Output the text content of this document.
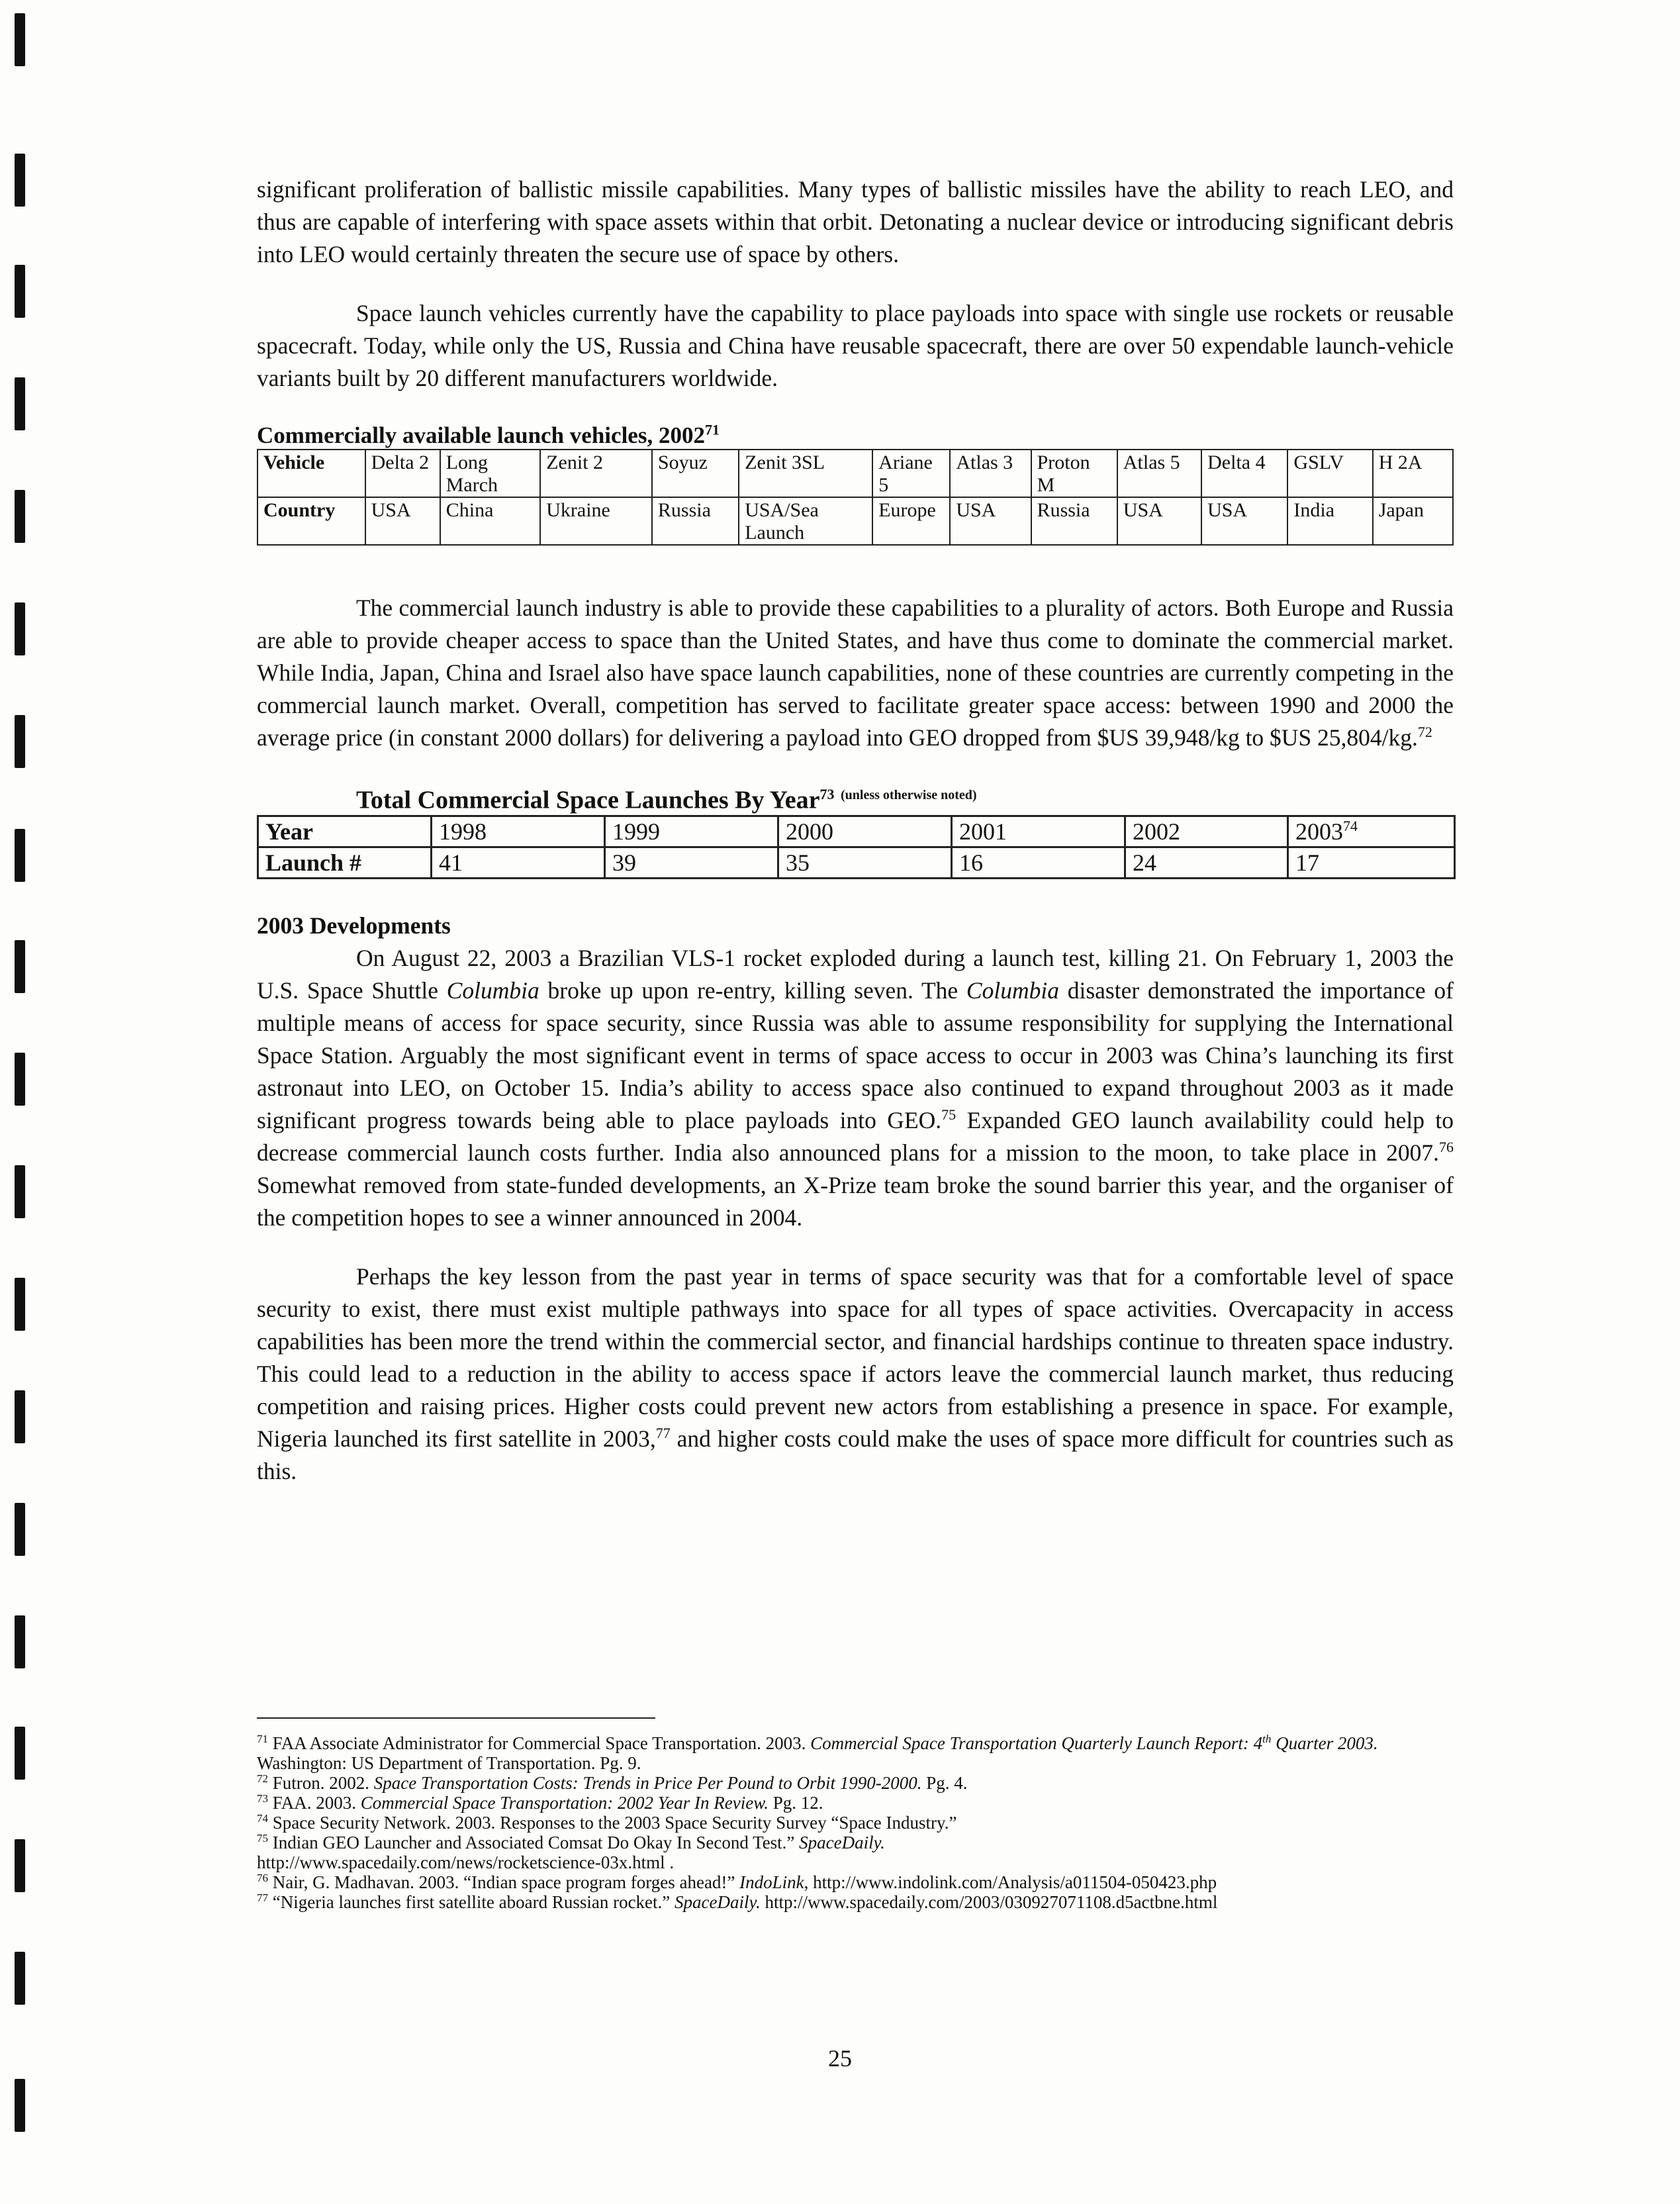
significant proliferation of ballistic missile capabilities. Many types of ballistic missiles have the ability to reach LEO, and thus are capable of interfering with space assets within that orbit. Detonating a nuclear device or introducing significant debris into LEO would certainly threaten the secure use of space by others.

Space launch vehicles currently have the capability to place payloads into space with single use rockets or reusable spacecraft. Today, while only the US, Russia and China have reusable spacecraft, there are over 50 expendable launch-vehicle variants built by 20 different manufacturers worldwide.

Commercially available launch vehicles, 2002$^{71}$

Vehicle	Delta 2	Long March	Zenit 2	Soyuz	Zenit 3SL	Ariane 5	Atlas 3	Proton M	Atlas 5	Delta 4	GSLV	H 2A
Country	USA	China	Ukraine	Russia	USA/Sea Launch	Europe	USA	Russia	USA	USA	India	Japan

The commercial launch industry is able to provide these capabilities to a plurality of actors. Both Europe and Russia are able to provide cheaper access to space than the United States, and have thus come to dominate the commercial market. While India, Japan, China and Israel also have space launch capabilities, none of these countries are currently competing in the commercial launch market. Overall, competition has served to facilitate greater space access: between 1990 and 2000 the average price (in constant 2000 dollars) for delivering a payload into GEO dropped from $US 39,948/kg to $US 25,804/kg.$^{72}$

Total Commercial Space Launches By Year$^{73}$ $^{(unless otherwise noted)}$

Year	1998	1999	2000	2001	2002	2003$^{74}$
Launch #	41	39	35	16	24	17
2003 Developments

On August 22, 2003 a Brazilian VLS-1 rocket exploded during a launch test, killing 21. On February 1, 2003 the U.S. Space Shuttle Columbia broke up upon re-entry, killing seven. The Columbia disaster demonstrated the importance of multiple means of access for space security, since Russia was able to assume responsibility for supplying the International Space Station. Arguably the most significant event in terms of space access to occur in 2003 was China’s launching its first astronaut into LEO, on October 15. India’s ability to access space also continued to expand throughout 2003 as it made significant progress towards being able to place payloads into GEO.$^{75}$ Expanded GEO launch availability could help to decrease commercial launch costs further. India also announced plans for a mission to the moon, to take place in 2007.76 Somewhat removed from state-funded developments, an X-Prize team broke the sound barrier this year, and the organiser of the competition hopes to see a winner announced in 2004.

Perhaps the key lesson from the past year in terms of space security was that for a comfortable level of space security to exist, there must exist multiple pathways into space for all types of space activities. Overcapacity in access capabilities has been more the trend within the commercial sector, and financial hardships continue to threaten space industry. This could lead to a reduction in the ability to access space if actors leave the commercial launch market, thus reducing competition and raising prices. Higher costs could prevent new actors from establishing a presence in space. For example, Nigeria launched its first satellite in 2003,77 and higher costs could make the uses of space more difficult for countries such as this.

$^{71}$ FAA Associate Administrator for Commercial Space Transportation. 2003. Commercial Space Transportation Quarterly Launch Report: 4th Quarter 2003. Washington: US Department of Transportation. Pg. 9.
$^{72}$ Futron. 2002. Space Transportation Costs: Trends in Price Per Pound to Orbit 1990-2000. Pg. 4.
$^{73}$ FAA. 2003. Commercial Space Transportation: 2002 Year In Review. Pg. 12.
$^{74}$ Space Security Network. 2003. Responses to the 2003 Space Security Survey “Space Industry.”
$^{75}$ Indian GEO Launcher and Associated Comsat Do Okay In Second Test.” SpaceDaily.
http://www.spacedaily.com/news/rocketscience-03x.html .
$^{76}$ Nair, G. Madhavan. 2003. “Indian space program forges ahead!” IndoLink, http://www.indolink.com/Analysis/a011504-050423.php
$^{77}$ “Nigeria launches first satellite aboard Russian rocket.” SpaceDaily. http://www.spacedaily.com/2003/030927071108.d5actbne.html
25
